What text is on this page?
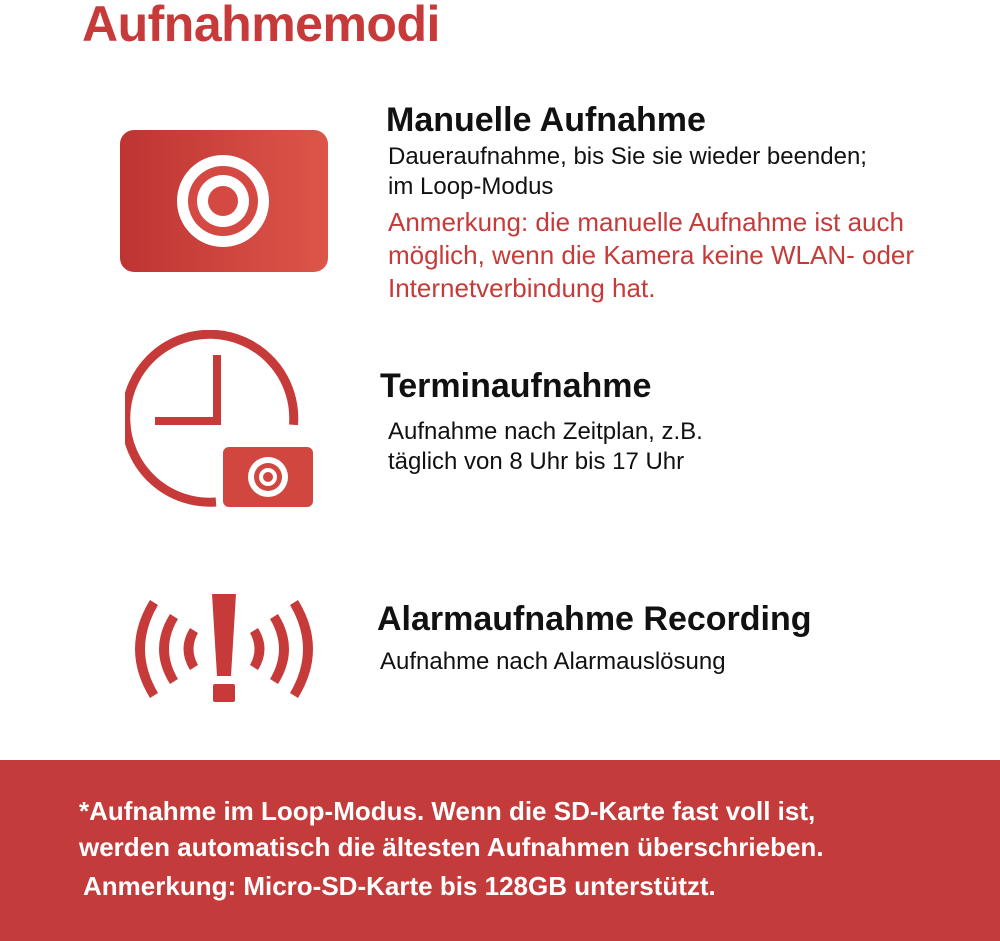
Aufnahmemodi
Manuelle Aufnahme

Daueraufnahme, bis Sie sie wieder beenden;
im Loop-Modus

Anmerkung: die manuelle Aufnahme ist auch
möglich, wenn die Kamera keine WLAN- oder
Internetverbindung hat.

Terminaufnahme

Aufnahme nach Zeitplan, z.B.
täglich von 8 Uhr bis 17 Uhr

Alarmaufnahme Recording

Aufnahme nach Alarmauslösung

*Aufnahme im Loop-Modus. Wenn die SD-Karte fast voll ist,
werden automatisch die ältesten Aufnahmen überschrieben.

Anmerkung: Micro-SD-Karte bis 128GB unterstützt.
